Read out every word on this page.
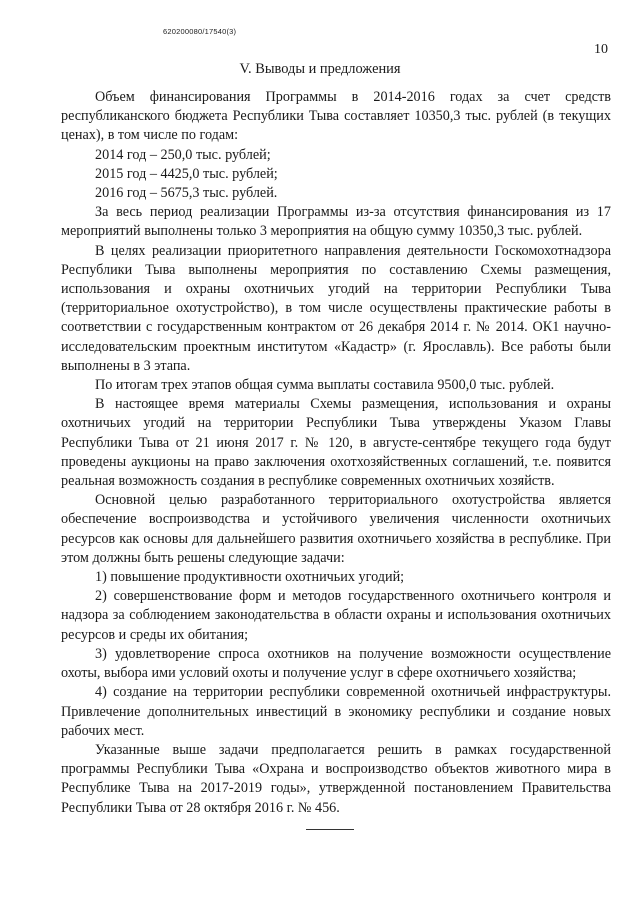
620200080/17540(3)
10
V. Выводы и предложения

Объем финансирования Программы в 2014-2016 годах за счет средств республиканского бюджета Республики Тыва составляет 10350,3 тыс. рублей (в текущих ценах), в том числе по годам:

2014 год – 250,0 тыс. рублей;

2015 год – 4425,0 тыс. рублей;

2016 год – 5675,3 тыс. рублей.

За весь период реализации Программы из-за отсутствия финансирования из 17 мероприятий выполнены только 3 мероприятия на общую сумму 10350,3 тыс. рублей.

В целях реализации приоритетного направления деятельности Госкомохотнадзора Республики Тыва выполнены мероприятия по составлению Схемы размещения, использования и охраны охотничьих угодий на территории Республики Тыва (территориальное охотустройство), в том числе осуществлены практические работы в соответствии с государственным контрактом от 26 декабря 2014 г. № 2014. ОК1 научно-исследовательским проектным институтом «Кадастр» (г. Ярославль). Все работы были выполнены в 3 этапа.

По итогам трех этапов общая сумма выплаты составила 9500,0 тыс. рублей.

В настоящее время материалы Схемы размещения, использования и охраны охотничьих угодий на территории Республики Тыва утверждены Указом Главы Республики Тыва от 21 июня 2017 г. № 120, в августе-сентябре текущего года будут проведены аукционы на право заключения охотхозяйственных соглашений, т.е. появится реальная возможность создания в республике современных охотничьих хозяйств.

Основной целью разработанного территориального охотустройства является обеспечение воспроизводства и устойчивого увеличения численности охотничьих ресурсов как основы для дальнейшего развития охотничьего хозяйства в республике. При этом должны быть решены следующие задачи:

1) повышение продуктивности охотничьих угодий;

2) совершенствование форм и методов государственного охотничьего контроля и надзора за соблюдением законодательства в области охраны и использования охотничьих ресурсов и среды их обитания;

3) удовлетворение спроса охотников на получение возможности осуществление охоты, выбора ими условий охоты и получение услуг в сфере охотничьего хозяйства;

4) создание на территории республики современной охотничьей инфраструктуры. Привлечение дополнительных инвестиций в экономику республики и создание новых рабочих мест.

Указанные выше задачи предполагается решить в рамках государственной программы Республики Тыва «Охрана и воспроизводство объектов животного мира в Республике Тыва на 2017-2019 годы», утвержденной постановлением Правительства Республики Тыва от 28 октября 2016 г. № 456.
